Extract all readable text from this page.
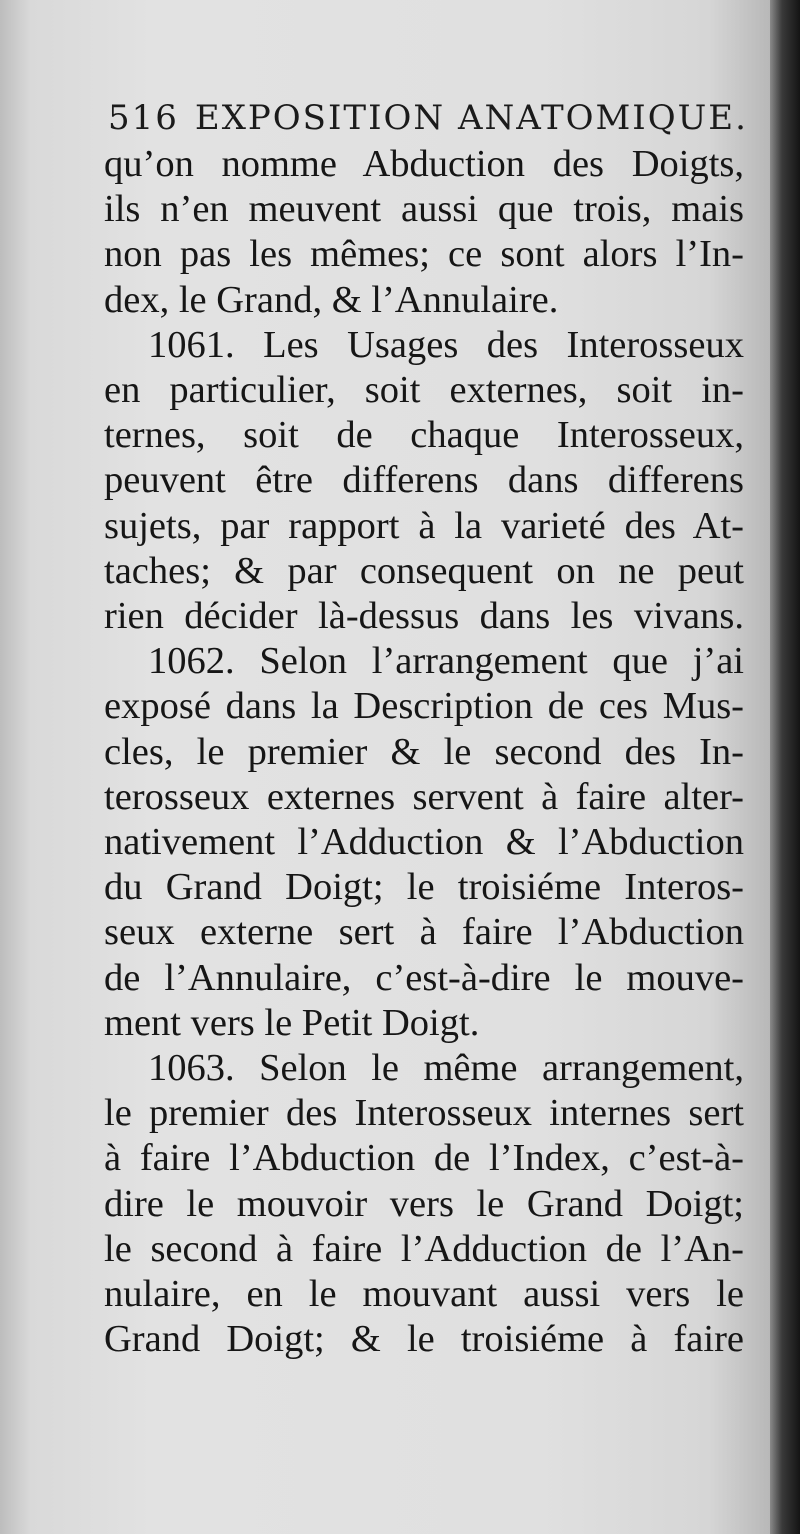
516 EXPOSITION ANATOMIQUE.
qu’on nomme Abduction des Doigts,
ils n’en meuvent aussi que trois, mais
non pas les mêmes; ce sont alors l’In-
dex, le Grand, & l’Annulaire.
1061. Les Usages des Interosseux
en particulier, soit externes, soit in-
ternes, soit de chaque Interosseux,
peuvent être differens dans differens
sujets, par rapport à la varieté des At-
taches; & par consequent on ne peut
rien décider là-dessus dans les vivans.
1062. Selon l’arrangement que j’ai
exposé dans la Description de ces Mus-
cles, le premier & le second des In-
terosseux externes servent à faire alter-
nativement l’Adduction & l’Abduction
du Grand Doigt; le troisiéme Interos-
seux externe sert à faire l’Abduction
de l’Annulaire, c’est-à-dire le mouve-
ment vers le Petit Doigt.
1063. Selon le même arrangement,
le premier des Interosseux internes sert
à faire l’Abduction de l’Index, c’est-à-
dire le mouvoir vers le Grand Doigt;
le second à faire l’Adduction de l’An-
nulaire, en le mouvant aussi vers le
Grand Doigt; & le troisiéme à faire
